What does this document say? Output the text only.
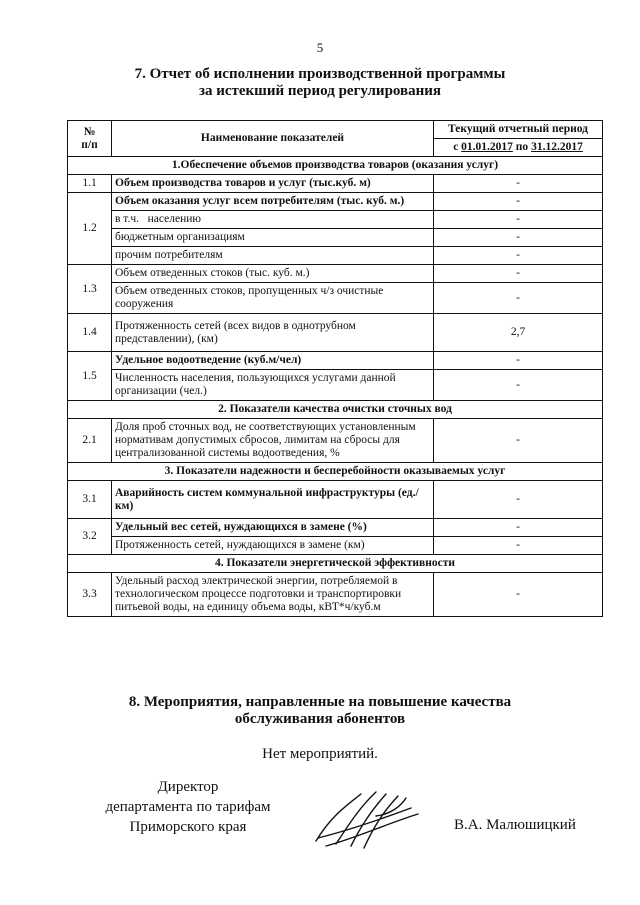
5
7. Отчет об исполнении производственной программы
за истекший период регулирования
№
п/п	Наименование показателей	Текущий отчетный период
		с 01.01.2017 по 31.12.2017
1.Обеспечение объемов производства товаров (оказания услуг)		
1.1	Объем производства товаров и услуг (тыс.куб. м)	-
1.2	Объем оказания услуг всем потребителям (тыс. куб. м.)	-
	в т.ч.   населению	-
	бюджетным организациям	-
	прочим потребителям	-
1.3	Объем отведенных стоков (тыс. куб. м.)	-
	Объем отведенных стоков, пропущенных ч/з очистные сооружения	-
1.4	Протяженность сетей (всех видов в однотрубном представлении), (км)	2,7
1.5	Удельное водоотведение (куб.м/чел)	-
	Численность населения, пользующихся услугами данной организации (чел.)	-
2. Показатели качества очистки сточных вод		
2.1	Доля проб сточных вод, не соответствующих установленным нормативам допустимых сбросов, лимитам на сбросы для централизованной системы водоотведения, %	-
3. Показатели надежности и бесперебойности оказываемых услуг		
3.1	Аварийность систем коммунальной инфраструктуры (ед./км)	-
3.2	Удельный вес сетей, нуждающихся в замене (%)	-
	Протяженность сетей, нуждающихся в замене (км)	-
4. Показатели энергетической эффективности		
3.3	Удельный расход электрической энергии, потребляемой в технологическом процессе подготовки и транспортировки питьевой воды, на единицу объема воды, кВТ*ч/куб.м	-
8. Мероприятия, направленные на повышение качества
обслуживания абонентов
Нет мероприятий.
Директор
департамента по тарифам
Приморского края	В.А. Малюшицкий
